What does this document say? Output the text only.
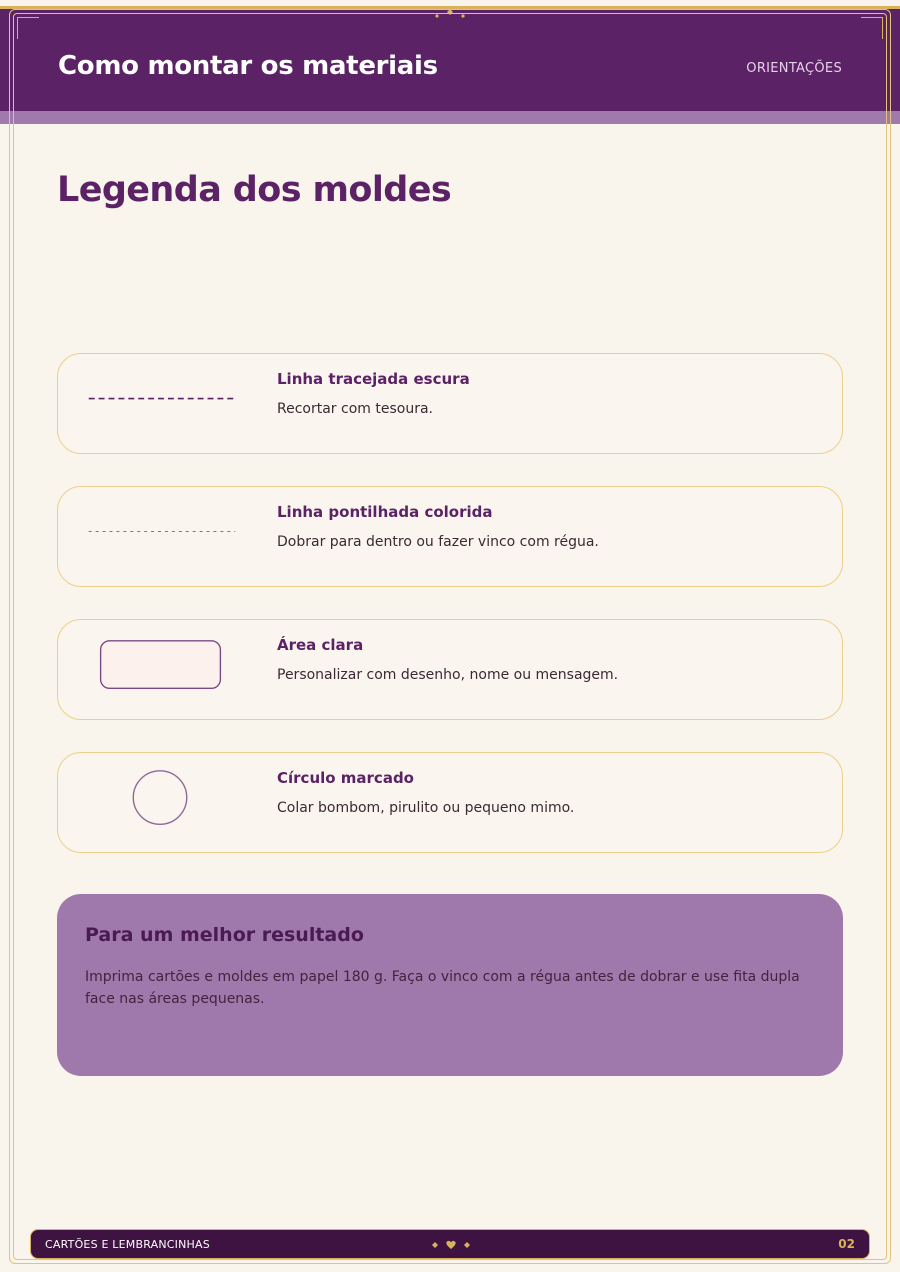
Como montar os materiais	ORIENTAÇÕES
Legenda dos moldes
Linha tracejada escura
Recortar com tesoura.
Linha pontilhada colorida
Dobrar para dentro ou fazer vinco com régua.
Área clara
Personalizar com desenho, nome ou mensagem.
Círculo marcado
Colar bombom, pirulito ou pequeno mimo.
Para um melhor resultado
Imprima cartões e moldes em papel 180 g. Faça o vinco com a régua antes de dobrar e use fita dupla face nas áreas pequenas.
CARTÕES E LEMBRANCINHAS	02
